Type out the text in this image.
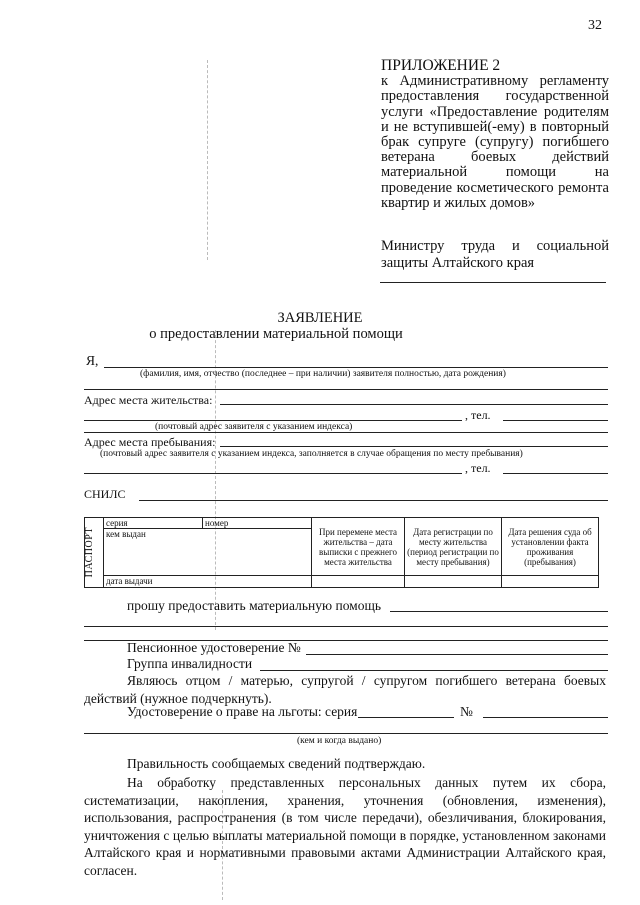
32
ПРИЛОЖЕНИЕ 2
к Административному регламенту предоставления государственной услуги «Предоставление родителям и не вступившей(-ему) в повторный брак супруге (супругу) погибшего ветерана боевых действий материальной помощи на проведение косметического ремонта квартир и жилых домов»
Министру труда и социальной защиты Алтайского края
ЗАЯВЛЕНИЕ
о предоставлении материальной помощи
Я,
(фамилия, имя, отчество (последнее – при наличии) заявителя полностью, дата рождения)
Адрес места жительства:
, тел.
(почтовый адрес заявителя с указанием индекса)
Адрес места пребывания:
(почтовый адрес заявителя с указанием индекса, заполняется в случае обращения по месту пребывания)
, тел.
СНИЛС
ПАСПОРТ	серия	номер	При перемене места жительства – дата выписки с прежнего места жительства	Дата регистрации по месту жительства (период регистрации по месту пребывания)	Дата решения суда об установлении факта проживания (пребывания)
	кем выдан				
	дата выдачи				
прошу предоставить материальную помощь
Пенсионное удостоверение №
Группа инвалидности
Являюсь отцом / матерью, супругой / супругом погибшего ветерана боевых действий (нужное подчеркнуть).
Удостоверение о праве на льготы: серия	№
(кем и когда выдано)
Правильность сообщаемых сведений подтверждаю.
На обработку представленных персональных данных путем их сбора, систематизации, накопления, хранения, уточнения (обновления, изменения), использования, распространения (в том числе передачи), обезличивания, блокирования, уничтожения с целью выплаты материальной помощи в порядке, установленном законами Алтайского края и нормативными правовыми актами Администрации Алтайского края, согласен.
